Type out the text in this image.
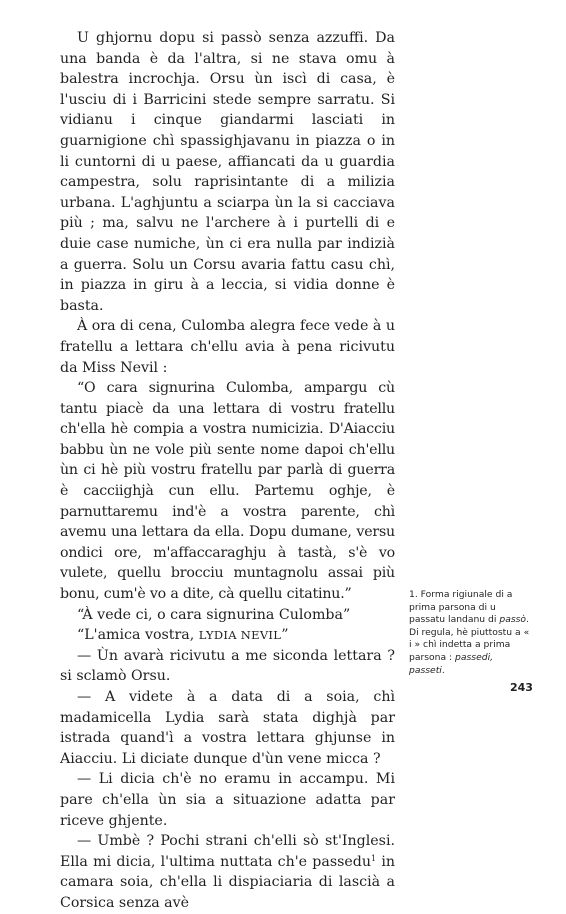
U ghjornu dopu si passò senza azzuffi. Da una banda è da l'altra, si ne stava omu à balestra incrochja. Orsu ùn iscì di casa, è l'usciu di i Barricini stede sempre sarratu. Si vidianu i cinque giandarmi lasciati in guarnigione chì spassighjavanu in piazza o in li cuntorni di u paese, affiancati da u guardia campestra, solu raprisintante di a milizia urbana. L'aghjuntu a sciarpa ùn la si cacciava più ; ma, salvu ne l'archere à i purtelli di e duie case numiche, ùn ci era nulla par indizià a guerra. Solu un Corsu avaria fattu casu chì, in piazza in giru à a leccia, si vidia donne è basta.

À ora di cena, Culomba alegra fece vede à u fratellu a lettara ch'ellu avia à pena ricivutu da Miss Nevil :

“O cara signurina Culomba, ampargu cù tantu piacè da una lettara di vostru fratellu ch'ella hè compia a vostra numicizia. D'Aiacciu babbu ùn ne vole più sente nome dapoi ch'ellu ùn ci hè più vostru fratellu par parlà di guerra è cacciighjà cun ellu. Partemu oghje, è parnuttaremu ind'è a vostra parente, chì avemu una lettara da ella. Dopu dumane, versu ondici ore, m'affaccaraghju à tastà, s'è vo vulete, quellu brocciu muntagnolu assai più bonu, cum'è vo a dite, cà quellu citatinu.”

“À vede ci, o cara signurina Culomba”

“L'amica vostra, LYDIA NEVIL”

— Ùn avarà ricivutu a me siconda lettara ? si sclamò Orsu.

— A videte à a data di a soia, chì madamicella Lydia sarà stata dighjà par istrada quand'ì a vostra lettara ghjunse in Aiacciu. Li diciate dunque d'ùn vene micca ?

— Li dicia ch'è no eramu in accampu. Mi pare ch'ella ùn sia a situazione adatta par riceve ghjente.

— Umbè ? Pochi strani ch'elli sò st'Inglesi. Ella mi dicia, l'ultima nuttata ch'e passedu$^1$ in camara soia, ch'ella li dispiaciaria di lascià a Corsica senza avè

1. Forma rigiunale di a prima parsona di u passatu landanu di passò. Di regula, hè piuttostu a « i » chì indetta a prima parsona : passedi, passeti.
243
